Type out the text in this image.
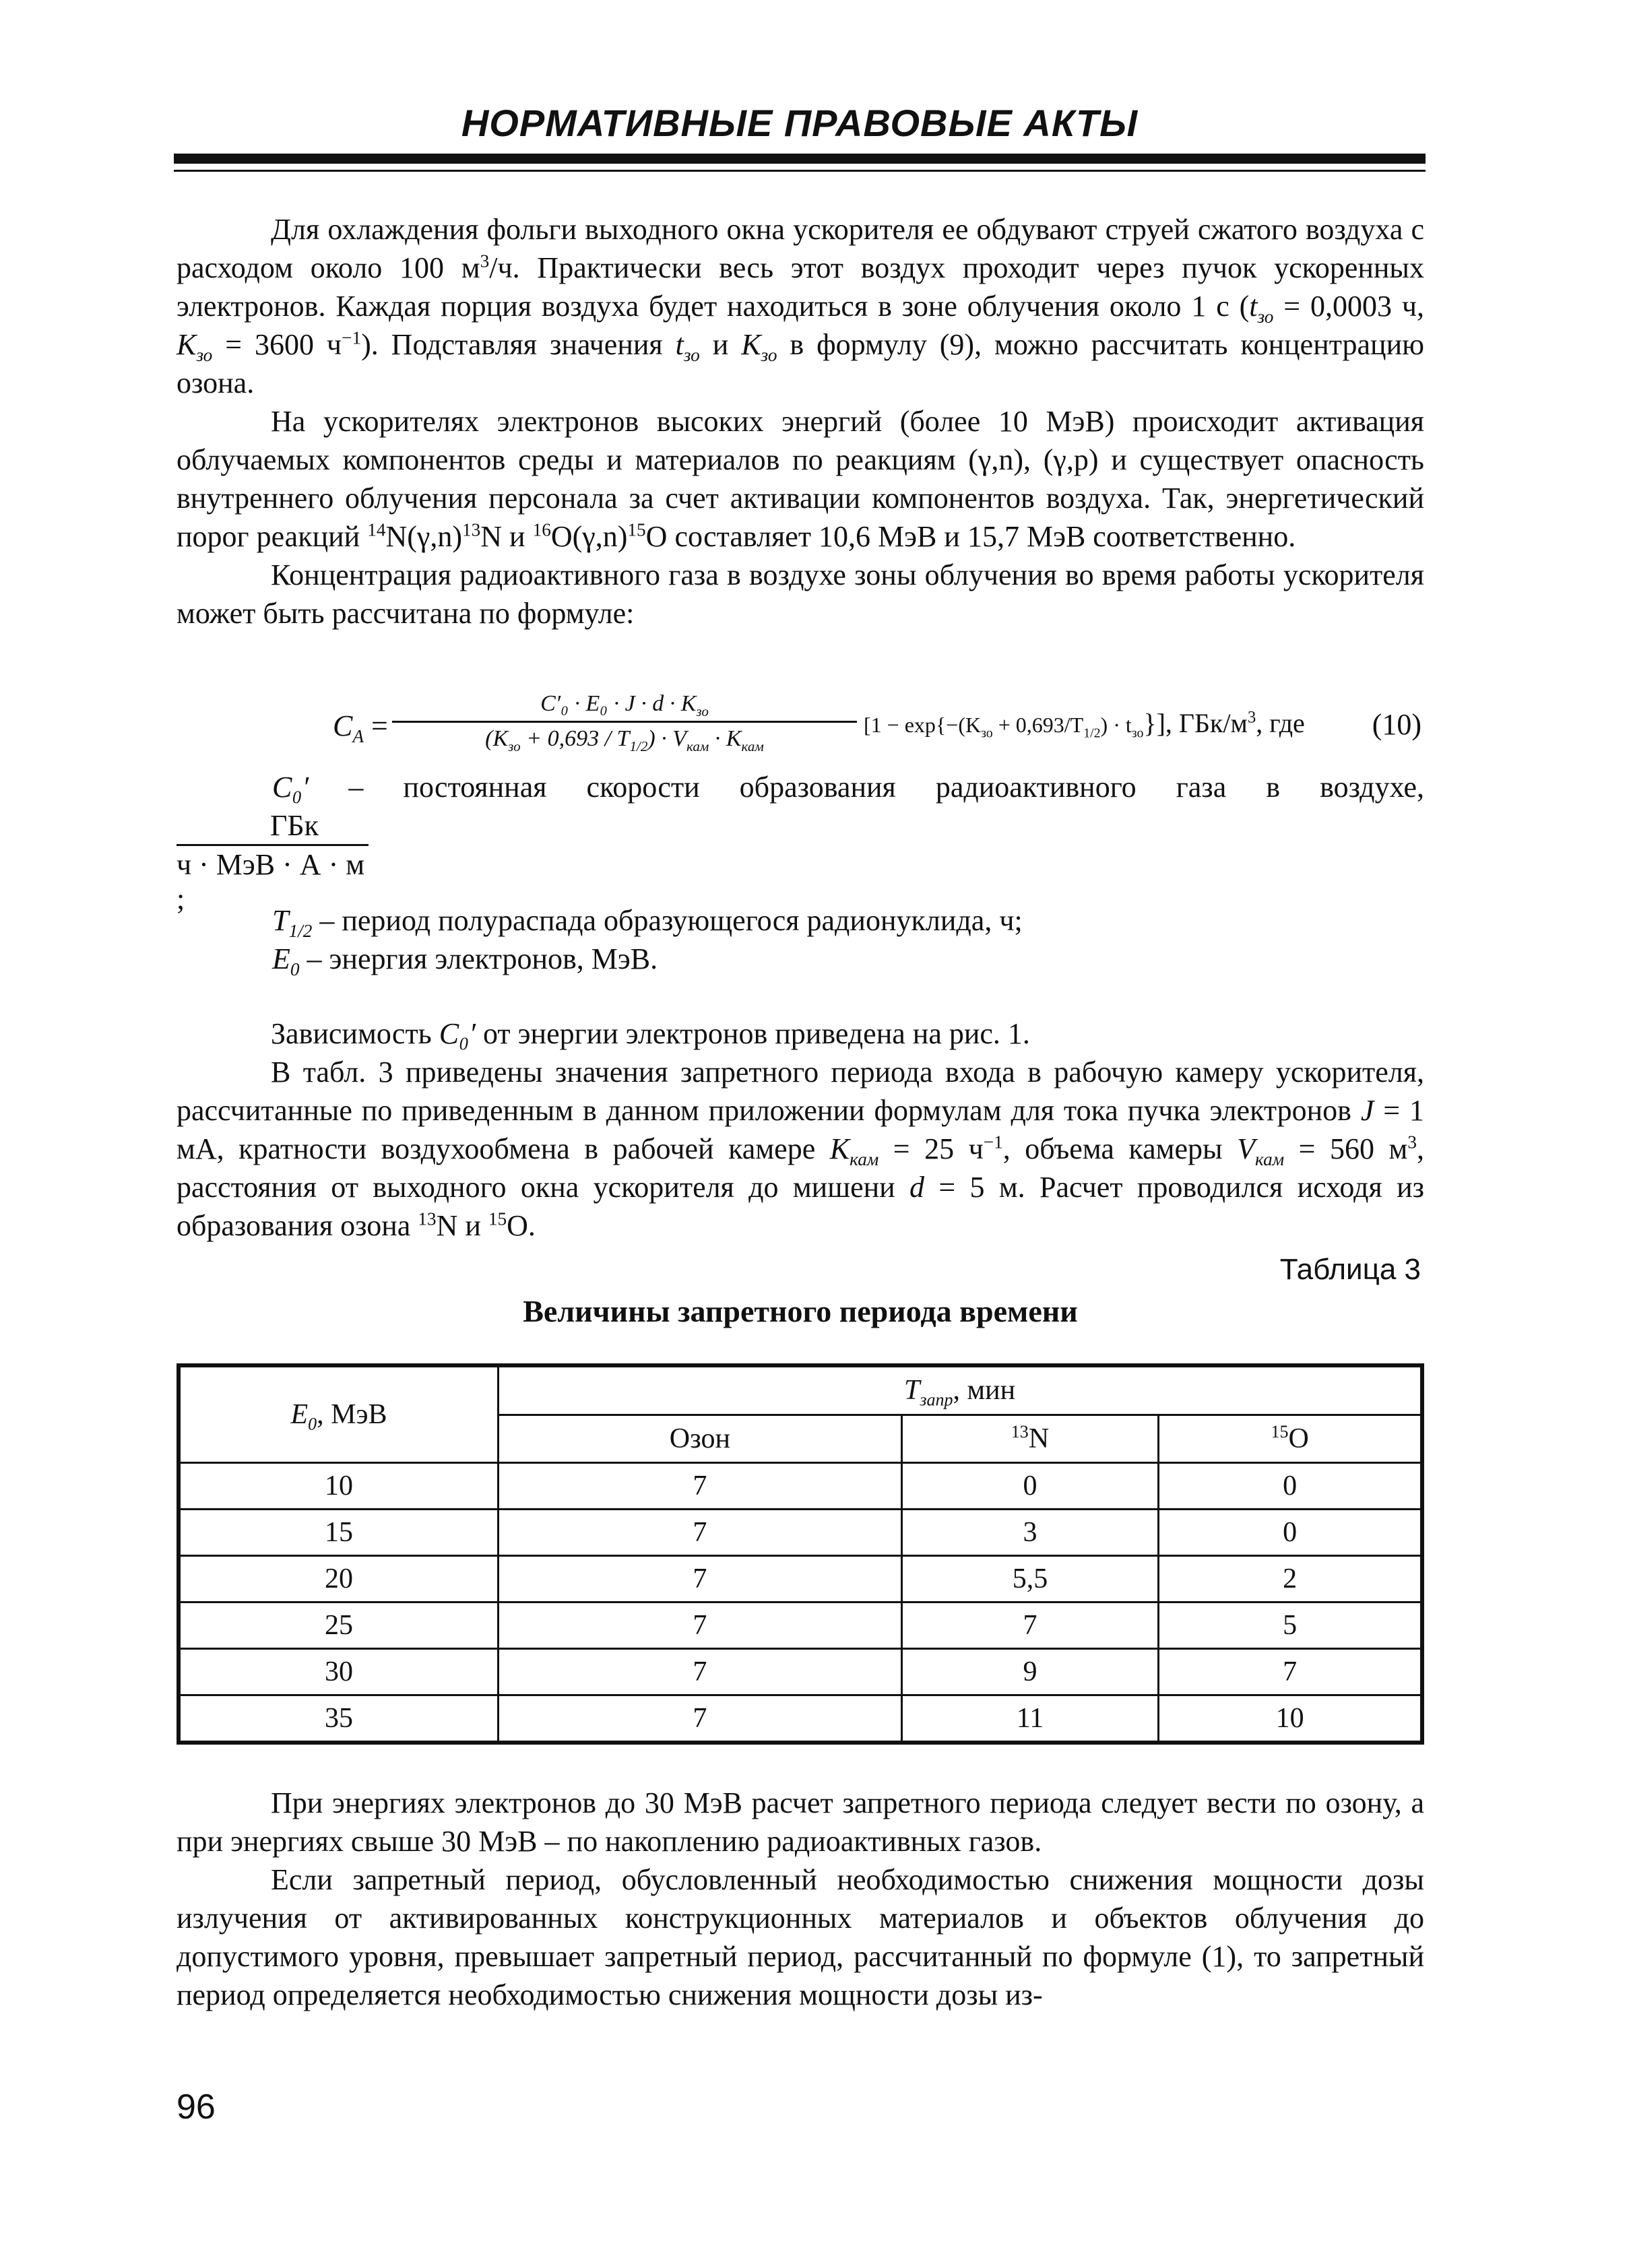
НОРМАТИВНЫЕ ПРАВОВЫЕ АКТЫ

Для охлаждения фольги выходного окна ускорителя ее обдувают струей сжатого воздуха с расходом около 100 $м^3/ч$. Практически весь этот воздух проходит через пучок ускоренных электронов. Каждая порция воздуха будет находиться в зоне облучения около 1 с ($t_{зо} = 0,0003$ ч, $K_{зо} = 3600$ $ч^{-1}$). Подставляя значения $t_{зо}$ и $K_{зо}$ в формулу (9), можно рассчитать концентрацию озона.

На ускорителях электронов высоких энергий (более 10 МэВ) происходит активация облучаемых компонентов среды и материалов по реакциям (γ,n), (γ,p) и существует опасность внутреннего облучения персонала за счет активации компонентов воздуха. Так, энергетический порог реакций $^{14}N(\gamma,n)^{13}N$ и $^{16}O(\gamma,n)^{15}O$ составляет 10,6 МэВ и 15,7 МэВ соответственно.

Концентрация радиоактивного газа в воздухе зоны облучения во время работы ускорителя может быть рассчитана по формуле:

$C_A$ =
$C'_0 \cdot E_0 \cdot J \cdot d \cdot K_{зо}$
$(K_{зо} + 0,693 / T_{1/2}) \cdot V_{кам} \cdot K_{кам}$
$[1 - \exp\{-(K_{зо} + 0,693/T_{1/2}) \cdot t_{зо}\}]$, ГБк/$м^3$, где (10)

C₀′ – постоянная скорости образования радиоактивного газа в воздухе,

ГБк
ч · МэВ · А · м ;

$T_{1/2}$ – период полураспада образующегося радионуклида, ч;

$E_0$ – энергия электронов, МэВ.

Зависимость C₀′ от энергии электронов приведена на рис. 1.

В табл. 3 приведены значения запретного периода входа в рабочую камеру ускорителя, рассчитанные по приведенным в данном приложении формулам для тока пучка электронов J = 1 мА, кратности воздухообмена в рабочей камере $K_{кам} = 25$ $ч^{-1}$, объема камеры $V_{кам} = 560$ $м^3$, расстояния от выходного окна ускорителя до мишени d = 5 м. Расчет проводился исходя из образования озона $^{13}$N и $^{15}$O.

Таблица 3
Величины запретного периода времени
$E_0$, МэВ	$T_{запр}$, мин		
	Озон	$^{13}$N	$^{15}$O
10	7	0	0
15	7	3	0
20	7	5,5	2
25	7	7	5
30	7	9	7
35	7	11	10

При энергиях электронов до 30 МэВ расчет запретного периода следует вести по озону, а при энергиях свыше 30 МэВ – по накоплению радиоактивных газов.

Если запретный период, обусловленный необходимостью снижения мощности дозы излучения от активированных конструкционных материалов и объектов облучения до допустимого уровня, превышает запретный период, рассчитанный по формуле (1), то запретный период определяется необходимостью снижения мощности дозы из-

96
